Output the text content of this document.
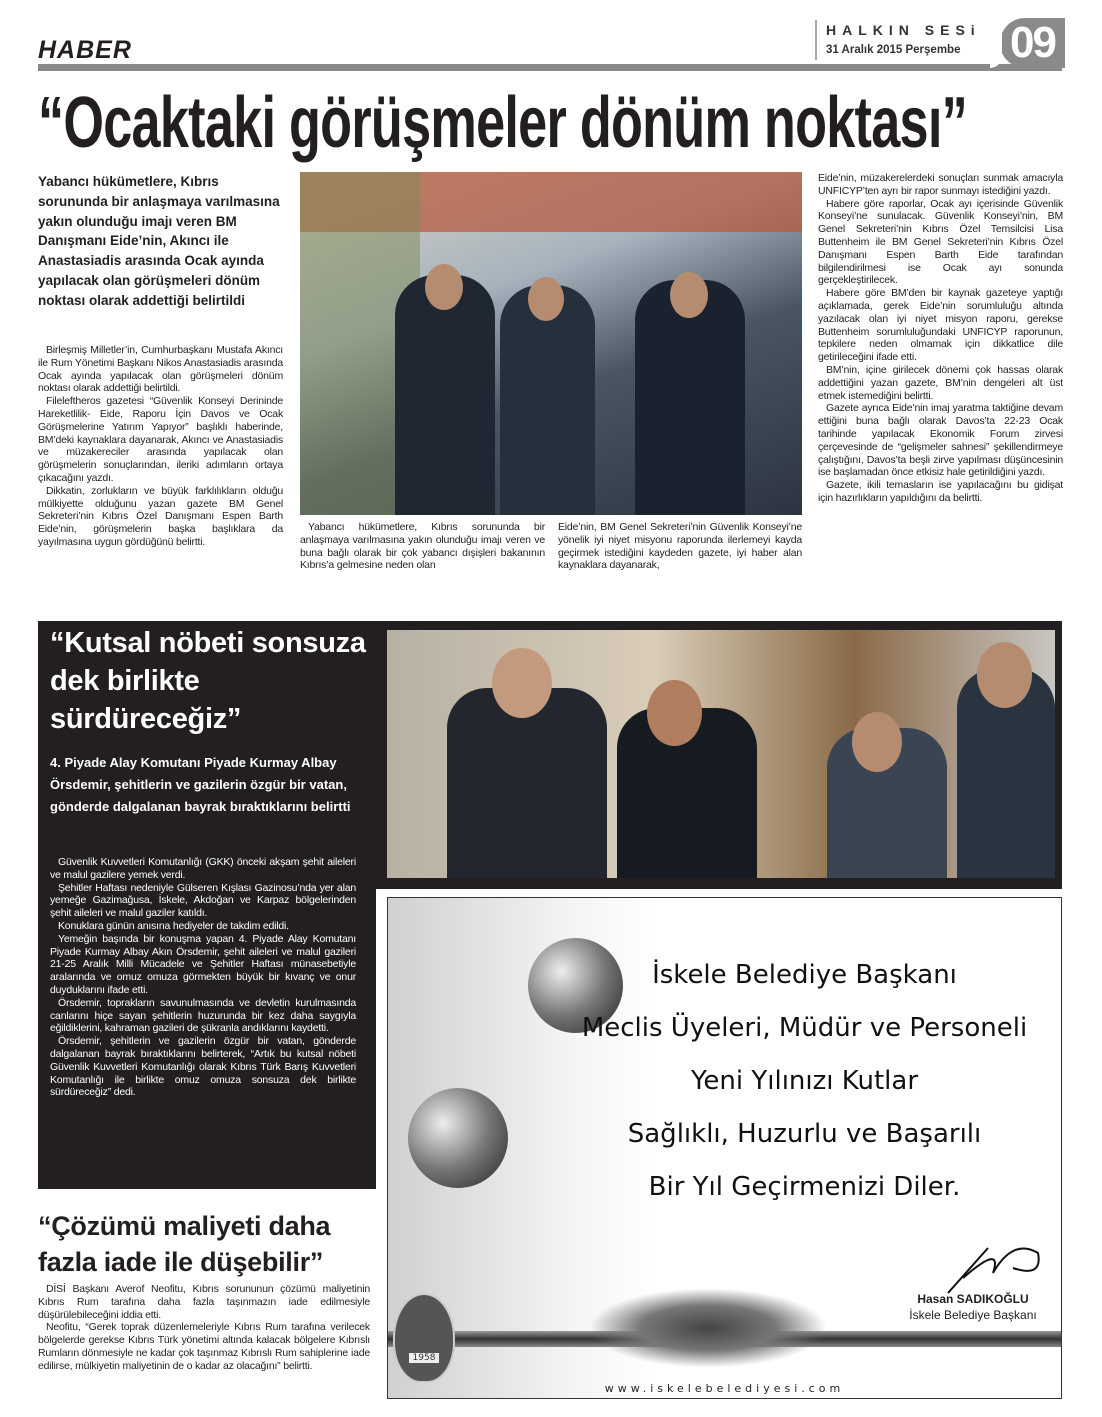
HABER
HALKIN SESi
31 Aralık 2015 Perşembe 09
“Ocaktaki görüşmeler dönüm noktası”
Yabancı hükümetlere, Kıbrıs sorununda bir anlaşmaya varılmasına yakın olunduğu imajı veren BM Danışmanı Eide’nin, Akıncı ile Anastasiadis arasında Ocak ayında yapılacak olan görüşmeleri dönüm noktası olarak addettiği belirtildi

Birleşmiş Milletler’in, Cumhurbaşkanı Mustafa Akıncı ile Rum Yönetimi Başkanı Nikos Anastasiadis arasında Ocak ayında yapılacak olan görüşmeleri dönüm noktası olarak addettiği belirtildi.

Fileleftheros gazetesi “Güvenlik Konseyi Derininde Hareketlilik- Eide, Raporu İçin Davos ve Ocak Görüşmelerine Yatırım Yapıyor” başlıklı haberinde, BM’deki kaynaklara dayanarak, Akıncı ve Anastasiadis ve müzakereciler arasında yapılacak olan görüşmelerin sonuçlarından, ileriki adımların ortaya çıkacağını yazdı.

Dikkatin, zorlukların ve büyük farklılıkların olduğu mülkiyette olduğunu yazan gazete BM Genel Sekreteri’nin Kıbrıs Özel Danışmanı Espen Barth Eide’nin, görüşmelerin başka başlıklara da yayılmasına uygun gördüğünü belirtti.

Yabancı hükümetlere, Kıbrıs sorununda bir anlaşmaya varılmasına yakın olunduğu imajı veren ve buna bağlı olarak bir çok yabancı dışişleri bakanının Kıbrıs’a gelmesine neden olan

Eide’nin, BM Genel Sekreteri’nin Güvenlik Konseyi’ne yönelik iyi niyet misyonu raporunda ilerlemeyi kayda geçirmek istediğini kaydeden gazete, iyi haber alan kaynaklara dayanarak,

Eide’nin, müzakerelerdeki sonuçları sunmak amacıyla UNFICYP’ten ayrı bir rapor sunmayı istediğini yazdı.

Habere göre raporlar, Ocak ayı içerisinde Güvenlik Konseyi’ne sunulacak. Güvenlik Konseyi’nin, BM Genel Sekreteri’nin Kıbrıs Özel Temsilcisi Lisa Buttenheim ile BM Genel Sekreteri’nin Kıbrıs Özel Danışmanı Espen Barth Eide tarafından bilgilendirilmesi ise Ocak ayı sonunda gerçekleştirilecek.

Habere göre BM’den bir kaynak gazeteye yaptığı açıklamada, gerek Eide’nin sorumluluğu altında yazılacak olan iyi niyet misyon raporu, gerekse Buttenheim sorumluluğundaki UNFICYP raporunun, tepkilere neden olmamak için dikkatlice dile getirileceğini ifade etti.

BM’nin, içine girilecek dönemi çok hassas olarak addettiğini yazan gazete, BM’nin dengeleri alt üst etmek istemediğini belirtti.

Gazete ayrıca Eide’nin imaj yaratma taktiğine devam ettiğini buna bağlı olarak Davos’ta 22-23 Ocak tarihinde yapılacak Ekonomik Forum zirvesi çerçevesinde de “gelişmeler sahnesi” şekillendirmeye çalıştığını, Davos’ta beşli zirve yapılması düşüncesinin ise başlamadan önce etkisiz hale getirildiğini yazdı.

Gazete, ikili temasların ise yapılacağını bu gidişat için hazırlıkların yapıldığını da belirtti.

“Kutsal nöbeti sonsuza dek birlikte sürdüreceğiz”
4. Piyade Alay Komutanı Piyade Kurmay Albay Örsdemir, şehitlerin ve gazilerin özgür bir vatan, gönderde dalgalanan bayrak bıraktıklarını belirtti

Güvenlik Kuvvetleri Komutanlığı (GKK) önceki akşam şehit aileleri ve malul gazilere yemek verdi.

Şehitler Haftası nedeniyle Gülseren Kışlası Gazinosu’nda yer alan yemeğe Gazimağusa, İskele, Akdoğan ve Karpaz bölgelerinden şehit aileleri ve malul gaziler katıldı.

Konuklara günün anısına hediyeler de takdim edildi.

Yemeğin başında bir konuşma yapan 4. Piyade Alay Komutanı Piyade Kurmay Albay Akın Örsdemir, şehit aileleri ve malul gazileri 21-25 Aralık Milli Mücadele ve Şehitler Haftası münasebetiyle aralarında ve omuz omuza görmekten büyük bir kıvanç ve onur duyduklarını ifade etti.

Örsdemir, toprakların savunulmasında ve devletin kurulmasında canlarını hiçe sayan şehitlerin huzurunda bir kez daha saygıyla eğildiklerini, kahraman gazileri de şükranla andıklarını kaydetti.

Örsdemir, şehitlerin ve gazilerin özgür bir vatan, gönderde dalgalanan bayrak bıraktıklarını belirterek, “Artık bu kutsal nöbeti Güvenlik Kuvvetleri Komutanlığı olarak Kıbrıs Türk Barış Kuvvetleri Komutanlığı ile birlikte omuz omuza sonsuza dek birlikte sürdüreceğiz” dedi.

İskele Belediye Başkanı
Meclis Üyeleri, Müdür ve Personeli
Yeni Yılınızı Kutlar
Sağlıklı, Huzurlu ve Başarılı
Bir Yıl Geçirmenizi Diler.
Hasan SADIKOĞLU
İskele Belediye Başkanı
1958
www.iskelebelediyesi.com
“Çözümü maliyeti daha fazla iade ile düşebilir”

DİSİ Başkanı Averof Neofitu, Kıbrıs sorununun çözümü maliyetinin Kıbrıs Rum tarafına daha fazla taşınmazın iade edilmesiyle düşürülebileceğini iddia etti.

Neofitu, “Gerek toprak düzenlemeleriyle Kıbrıs Rum tarafına verilecek bölgelerde gerekse Kıbrıs Türk yönetimi altında kalacak bölgelere Kıbrıslı Rumların dönmesiyle ne kadar çok taşınmaz Kıbrıslı Rum sahiplerine iade edilirse, mülkiyetin maliyetinin de o kadar az olacağını” belirtti.
